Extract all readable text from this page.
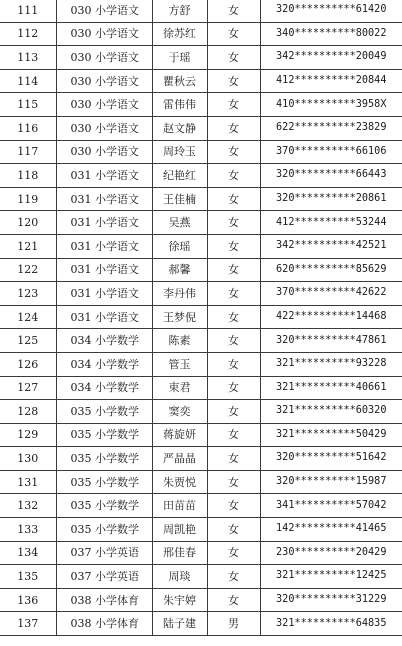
111	030 小学语文	方舒	女	320**********61420
112	030 小学语文	徐苏红	女	340**********80022
113	030 小学语文	于瑶	女	342**********20049
114	030 小学语文	瞿秋云	女	412**********20844
115	030 小学语文	雷伟伟	女	410**********3958X
116	030 小学语文	赵文静	女	622**********23829
117	030 小学语文	周玲玉	女	370**********66106
118	031 小学语文	纪艳红	女	320**********66443
119	031 小学语文	王佳楠	女	320**********20861
120	031 小学语文	吴燕	女	412**********53244
121	031 小学语文	徐瑶	女	342**********42521
122	031 小学语文	郝馨	女	620**********85629
123	031 小学语文	李丹伟	女	370**********42622
124	031 小学语文	王梦倪	女	422**********14468
125	034 小学数学	陈素	女	320**********47861
126	034 小学数学	管玉	女	321**********93228
127	034 小学数学	束君	女	321**********40661
128	035 小学数学	窦奕	女	321**********60320
129	035 小学数学	蒋旋妍	女	321**********50429
130	035 小学数学	严晶晶	女	320**********51642
131	035 小学数学	朱贾悦	女	320**********15987
132	035 小学数学	田苗苗	女	341**********57042
133	035 小学数学	周凯艳	女	142**********41465
134	037 小学英语	邢佳春	女	230**********20429
135	037 小学英语	周琰	女	321**********12425
136	038 小学体育	朱宇婷	女	320**********31229
137	038 小学体育	陆子建	男	321**********64835
